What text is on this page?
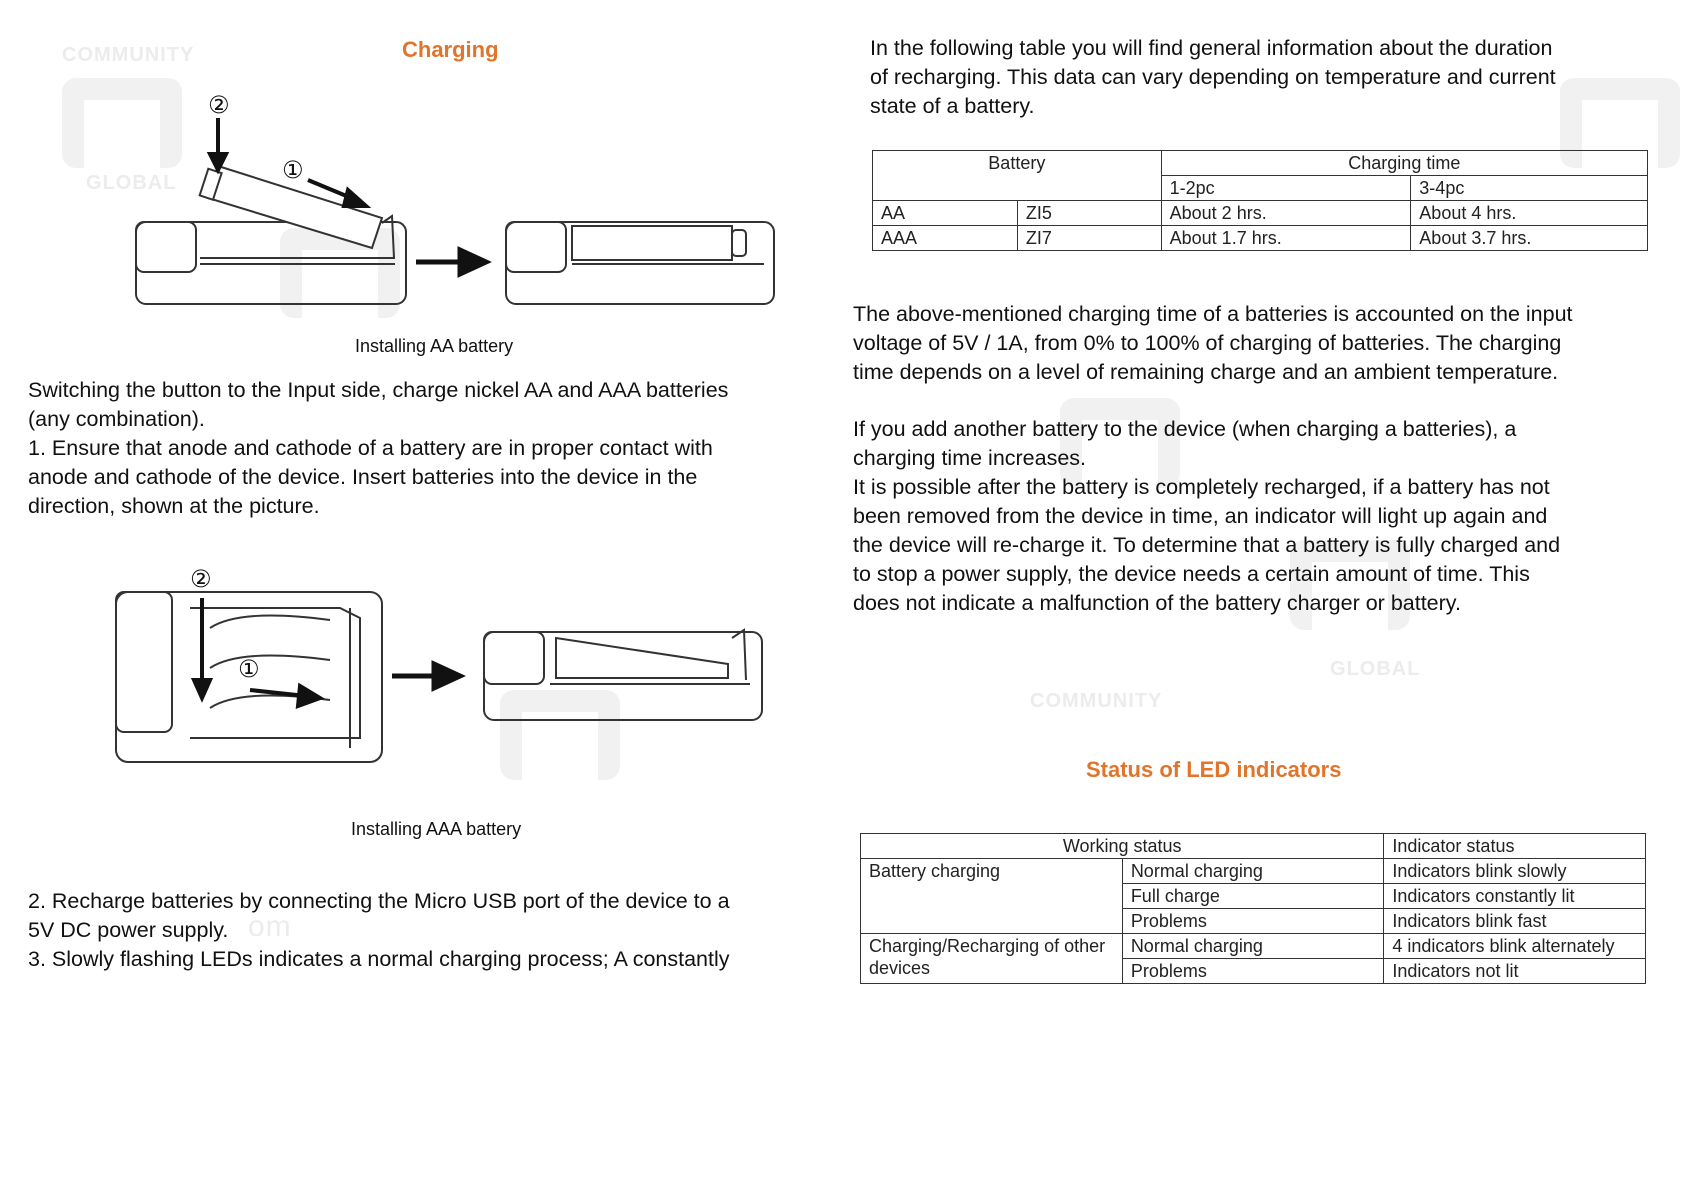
COMMUNITY
GLOBAL
COMMUNITY
GLOBAL
om
Charging
②
①
Installing AA battery
Switching the button to the Input side, charge nickel AA and AAA batteries
(any combination).
1. Ensure that anode and cathode of a battery are in proper contact with
anode and cathode of the device. Insert batteries into the device in the
direction, shown at the picture.
②
①
Installing AAA battery
2. Recharge batteries by connecting the Micro USB port of the device to a
5V DC power supply.
3. Slowly flashing LEDs indicates a normal charging process; A constantly
In the following table you will find general information about the duration
of recharging. This data can vary depending on temperature and current
state of a battery.
Battery		Charging time	
		1-2pc	3-4pc
AA	ZI5	About 2 hrs.	About 4 hrs.
AAA	ZI7	About 1.7 hrs.	About 3.7 hrs.
The above-mentioned charging time of a batteries is accounted on the input
voltage of 5V / 1A, from 0% to 100% of charging of batteries. The charging
time depends on a level of remaining charge and an ambient temperature.
If you add another battery to the device (when charging a batteries), a
charging time increases.
It is possible after the battery is completely recharged, if a battery has not
been removed from the device in time, an indicator will light up again and
the device will re-charge it. To determine that a battery is fully charged and
to stop a power supply, the device needs a certain amount of time. This
does not indicate a malfunction of the battery charger or battery.
Status of LED indicators
Working status		Indicator status
Battery charging	Normal charging	Indicators blink slowly
	Full charge	Indicators constantly lit
	Problems	Indicators blink fast

Charging/Recharging of other
devices	Normal charging	4 indicators blink alternately
	Problems	Indicators not lit
